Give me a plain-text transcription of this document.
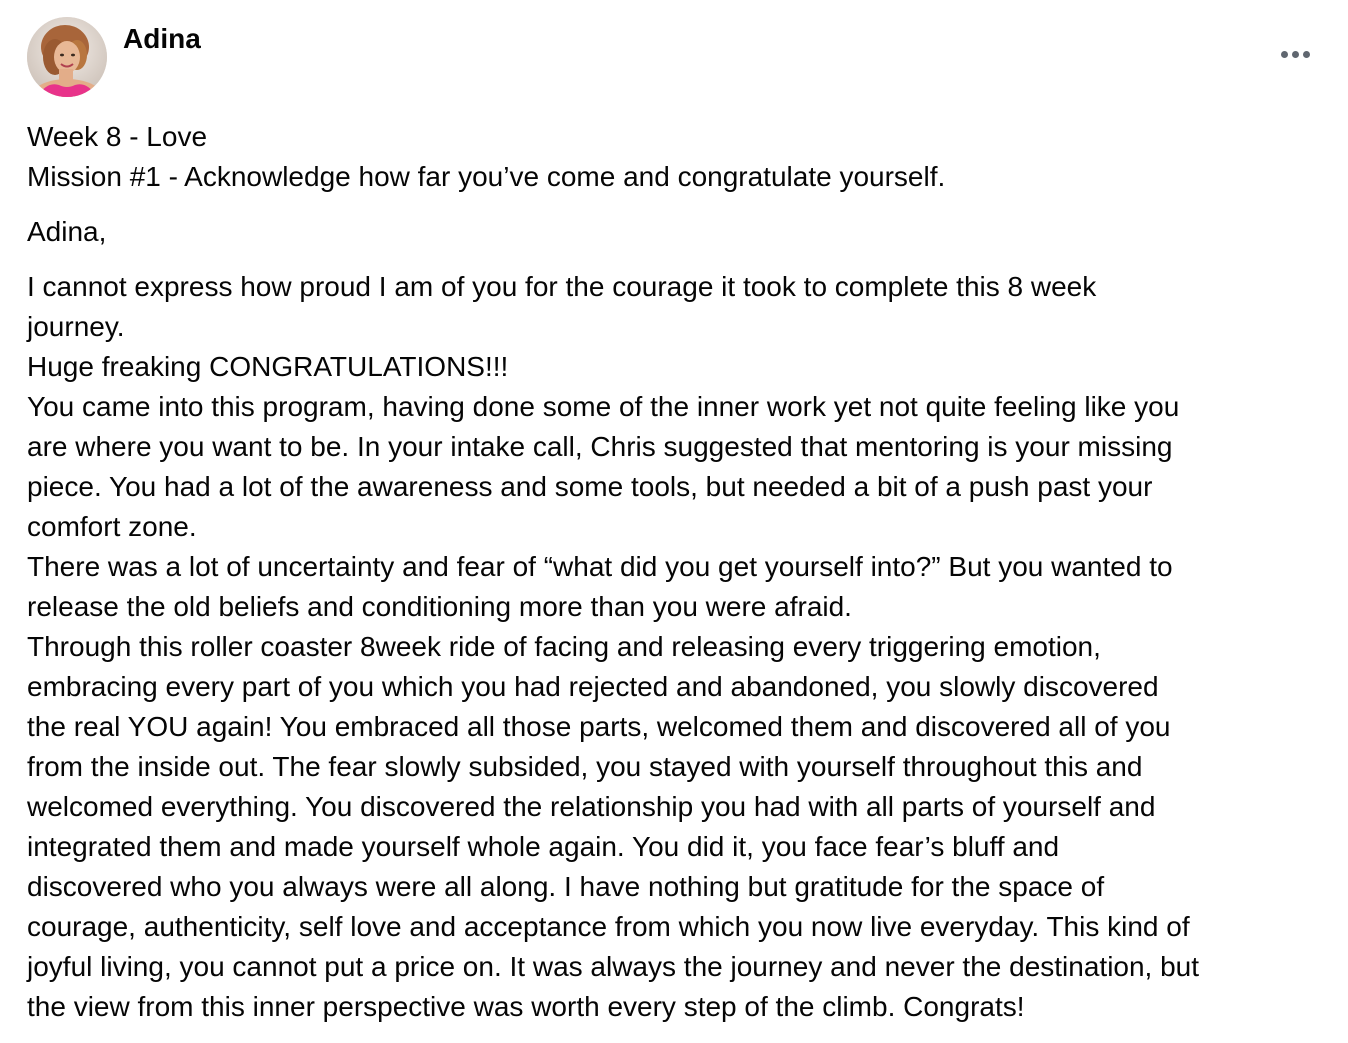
Adina

Week 8 - Love

Mission #1 - Acknowledge how far you’ve come and congratulate yourself.

Adina,

I cannot express how proud I am of you for the courage it took to complete this 8 week
journey.
Huge freaking CONGRATULATIONS!!!
You came into this program, having done some of the inner work yet not quite feeling like you
are where you want to be. In your intake call, Chris suggested that mentoring is your missing
piece. You had a lot of the awareness and some tools, but needed a bit of a push past your
comfort zone.
There was a lot of uncertainty and fear of “what did you get yourself into?” But you wanted to
release the old beliefs and conditioning more than you were afraid.
Through this roller coaster 8week ride of facing and releasing every triggering emotion,
embracing every part of you which you had rejected and abandoned, you slowly discovered
the real YOU again! You embraced all those parts, welcomed them and discovered all of you
from the inside out. The fear slowly subsided, you stayed with yourself throughout this and
welcomed everything. You discovered the relationship you had with all parts of yourself and
integrated them and made yourself whole again. You did it, you face fear’s bluff and
discovered who you always were all along. I have nothing but gratitude for the space of
courage, authenticity, self love and acceptance from which you now live everyday. This kind of
joyful living, you cannot put a price on. It was always the journey and never the destination, but
the view from this inner perspective was worth every step of the climb. Congrats!
